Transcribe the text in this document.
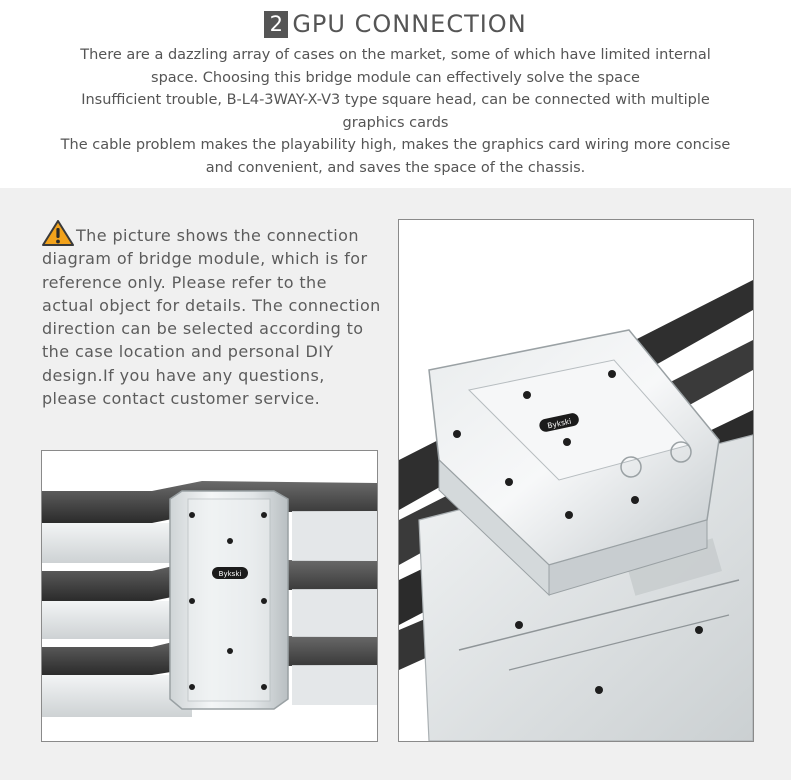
2 GPU CONNECTION

There are a dazzling array of cases on the market, some of which have limited internal

space. Choosing this bridge module can effectively solve the space

Insufficient trouble, B-L4-3WAY-X-V3 type square head, can be connected with multiple

graphics cards

The cable problem makes the playability high, makes the graphics card wiring more concise

and convenient, and saves the space of the chassis.

The picture shows the connection diagram of bridge module, which is for reference only. Please refer to the actual object for details. The connection direction can be selected according to the case location and personal DIY design.If you have any questions, please contact customer service.
Bykski
Bykski
